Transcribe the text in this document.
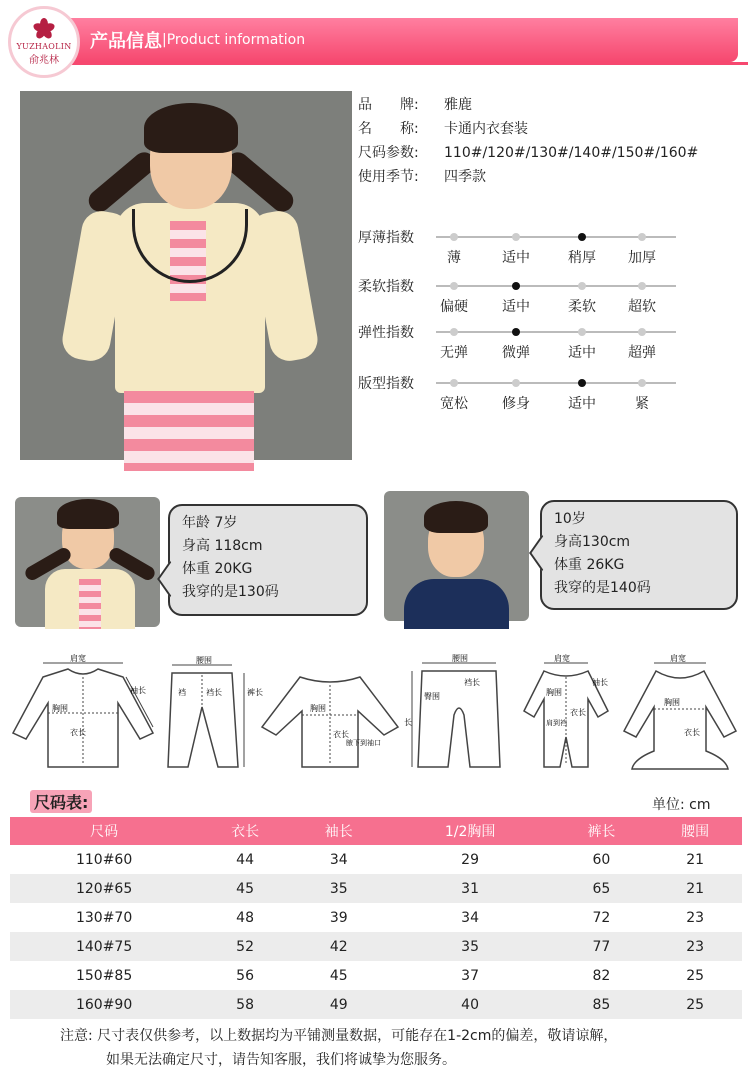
产品信息 |Product information
YUZHAOLIN
俞兆林
品　　牌:	雅鹿
名　　称:	卡通内衣套装
尺码参数:	110#/120#/130#/140#/150#/160#
使用季节:	四季款
厚薄指数
薄	适中	稍厚	加厚
柔软指数
偏硬	适中	柔软	超软
弹性指数
无弹	微弹	适中	超弹
版型指数
宽松	修身	适中	紧
年龄 7岁
身高 118cm
体重 20KG
我穿的是130码
10岁
身高130cm
体重 26KG
我穿的是140码
肩宽
袖长
胸围
衣长
腰围
裤长
裆	裆长
胸围
衣长
腋下到袖口
腰围
臀围
裆长
长
肩宽
胸围
衣长
肩到裆
袖长
肩宽
胸围
衣长
尺码表:	单位: cm
尺码	衣长	袖长	1/2胸围	裤长	腰围
110#60	44	34	29	60	21
120#65	45	35	31	65	21
130#70	48	39	34	72	23
140#75	52	42	35	77	23
150#85	56	45	37	82	25
160#90	58	49	40	85	25
注意: 尺寸表仅供参考，以上数据均为平铺测量数据，可能存在1-2cm的偏差，敬请谅解，
如果无法确定尺寸，请告知客服，我们将诚挚为您服务。
